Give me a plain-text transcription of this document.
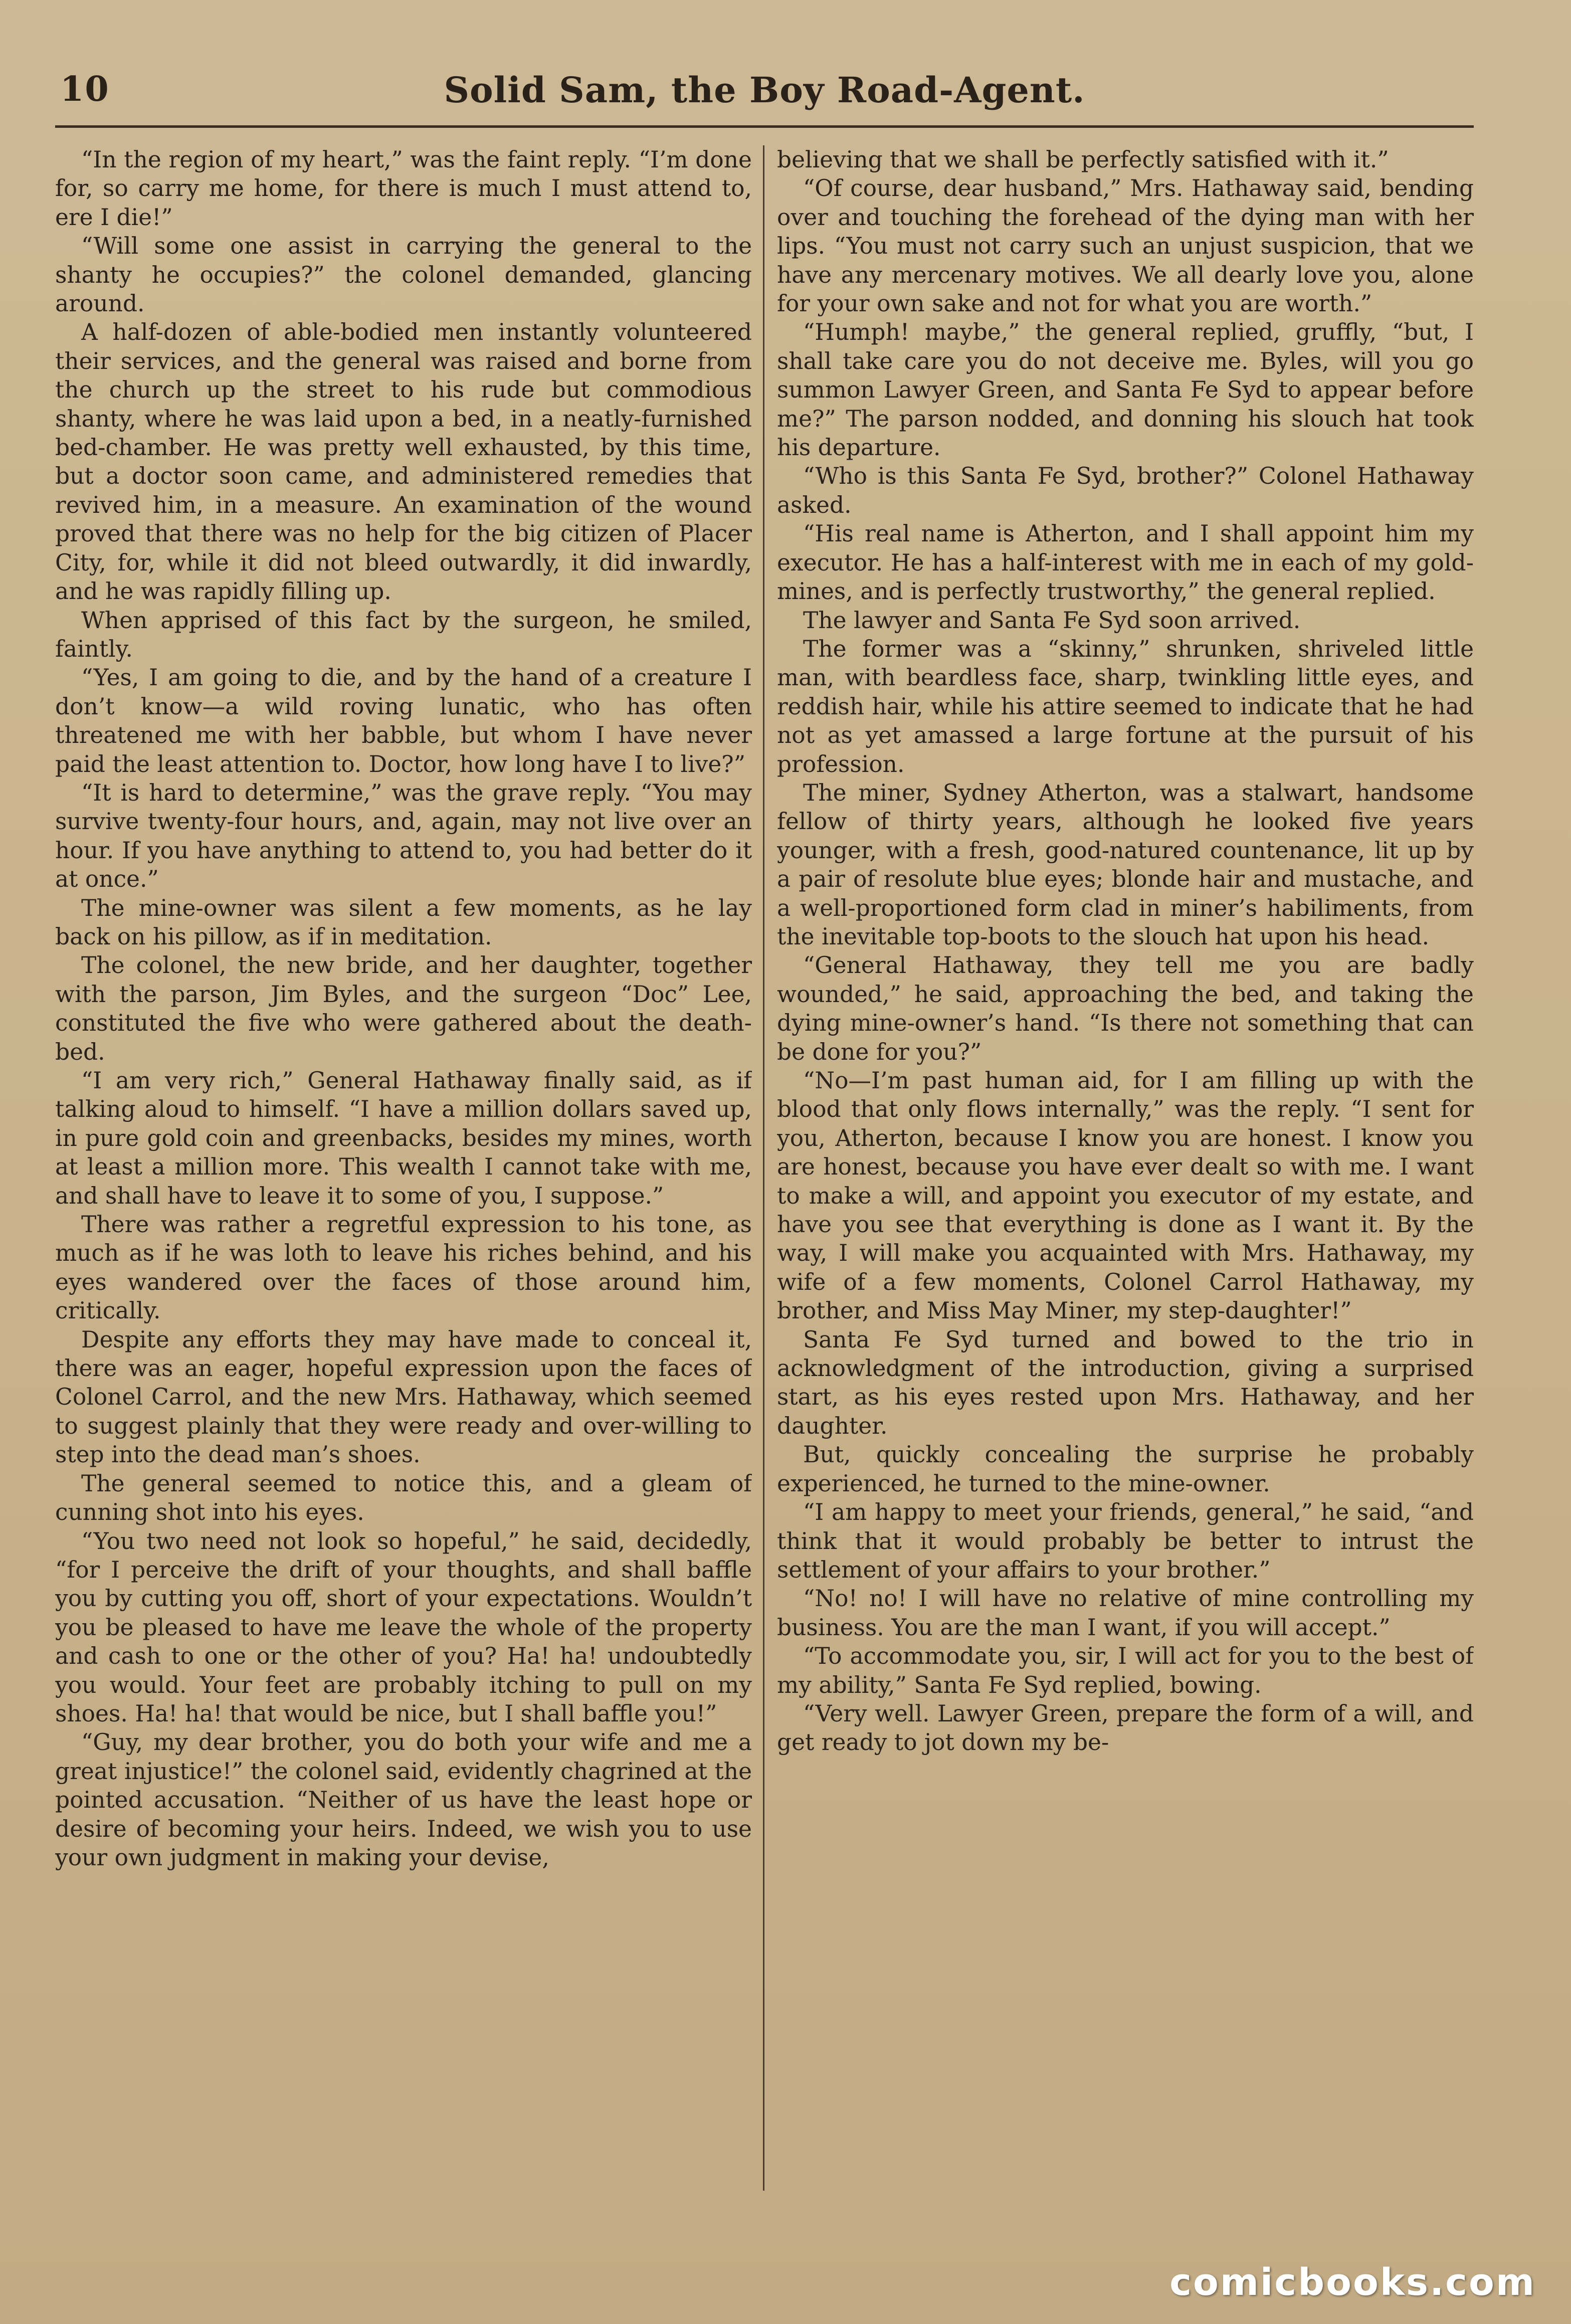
10	Solid Sam, the Boy Road-Agent.

“In the region of my heart,” was the faint reply. “I’m done for, so carry me home, for there is much I must attend to, ere I die!”

“Will some one assist in carrying the general to the shanty he occupies?” the colonel demanded, glancing around.

A half-dozen of able-bodied men instantly volunteered their services, and the general was raised and borne from the church up the street to his rude but commodious shanty, where he was laid upon a bed, in a neatly-furnished bed-chamber. He was pretty well exhausted, by this time, but a doctor soon came, and administered remedies that revived him, in a measure. An examination of the wound proved that there was no help for the big citizen of Placer City, for, while it did not bleed outwardly, it did inwardly, and he was rapidly filling up.

When apprised of this fact by the surgeon, he smiled, faintly.

“Yes, I am going to die, and by the hand of a creature I don’t know—a wild roving lunatic, who has often threatened me with her babble, but whom I have never paid the least attention to. Doctor, how long have I to live?”

“It is hard to determine,” was the grave reply. “You may survive twenty-four hours, and, again, may not live over an hour. If you have anything to attend to, you had better do it at once.”

The mine-owner was silent a few moments, as he lay back on his pillow, as if in meditation.

The colonel, the new bride, and her daughter, together with the parson, Jim Byles, and the surgeon “Doc” Lee, constituted the five who were gathered about the death-bed.

“I am very rich,” General Hathaway finally said, as if talking aloud to himself. “I have a million dollars saved up, in pure gold coin and greenbacks, besides my mines, worth at least a million more. This wealth I cannot take with me, and shall have to leave it to some of you, I suppose.”

There was rather a regretful expression to his tone, as much as if he was loth to leave his riches behind, and his eyes wandered over the faces of those around him, critically.

Despite any efforts they may have made to conceal it, there was an eager, hopeful expression upon the faces of Colonel Carrol, and the new Mrs. Hathaway, which seemed to suggest plainly that they were ready and over-willing to step into the dead man’s shoes.

The general seemed to notice this, and a gleam of cunning shot into his eyes.

“You two need not look so hopeful,” he said, decidedly, “for I perceive the drift of your thoughts, and shall baffle you by cutting you off, short of your expectations. Wouldn’t you be pleased to have me leave the whole of the property and cash to one or the other of you? Ha! ha! undoubtedly you would. Your feet are probably itching to pull on my shoes. Ha! ha! that would be nice, but I shall baffle you!”

“Guy, my dear brother, you do both your wife and me a great injustice!” the colonel said, evidently chagrined at the pointed accusation. “Neither of us have the least hope or desire of becoming your heirs. Indeed, we wish you to use your own judgment in making your devise,

believing that we shall be perfectly satisfied with it.”

“Of course, dear husband,” Mrs. Hathaway said, bending over and touching the forehead of the dying man with her lips. “You must not carry such an unjust suspicion, that we have any mercenary motives. We all dearly love you, alone for your own sake and not for what you are worth.”

“Humph! maybe,” the general replied, gruffly, “but, I shall take care you do not deceive me. Byles, will you go summon Lawyer Green, and Santa Fe Syd to appear before me?” The parson nodded, and donning his slouch hat took his departure.

“Who is this Santa Fe Syd, brother?” Colonel Hathaway asked.

“His real name is Atherton, and I shall appoint him my executor. He has a half-interest with me in each of my gold-mines, and is perfectly trustworthy,” the general replied.

The lawyer and Santa Fe Syd soon arrived.

The former was a “skinny,” shrunken, shriveled little man, with beardless face, sharp, twinkling little eyes, and reddish hair, while his attire seemed to indicate that he had not as yet amassed a large fortune at the pursuit of his profession.

The miner, Sydney Atherton, was a stalwart, handsome fellow of thirty years, although he looked five years younger, with a fresh, good-natured countenance, lit up by a pair of resolute blue eyes; blonde hair and mustache, and a well-proportioned form clad in miner’s habiliments, from the inevitable top-boots to the slouch hat upon his head.

“General Hathaway, they tell me you are badly wounded,” he said, approaching the bed, and taking the dying mine-owner’s hand. “Is there not something that can be done for you?”

“No—I’m past human aid, for I am filling up with the blood that only flows internally,” was the reply. “I sent for you, Atherton, because I know you are honest. I know you are honest, because you have ever dealt so with me. I want to make a will, and appoint you executor of my estate, and have you see that everything is done as I want it. By the way, I will make you acquainted with Mrs. Hathaway, my wife of a few moments, Colonel Carrol Hathaway, my brother, and Miss May Miner, my step-daughter!”

Santa Fe Syd turned and bowed to the trio in acknowledgment of the introduction, giving a surprised start, as his eyes rested upon Mrs. Hathaway, and her daughter.

But, quickly concealing the surprise he probably experienced, he turned to the mine-owner.

“I am happy to meet your friends, general,” he said, “and think that it would probably be better to intrust the settlement of your affairs to your brother.”

“No! no! I will have no relative of mine controlling my business. You are the man I want, if you will accept.”

“To accommodate you, sir, I will act for you to the best of my ability,” Santa Fe Syd replied, bowing.

“Very well. Lawyer Green, prepare the form of a will, and get ready to jot down my be-

comicbooks.com
